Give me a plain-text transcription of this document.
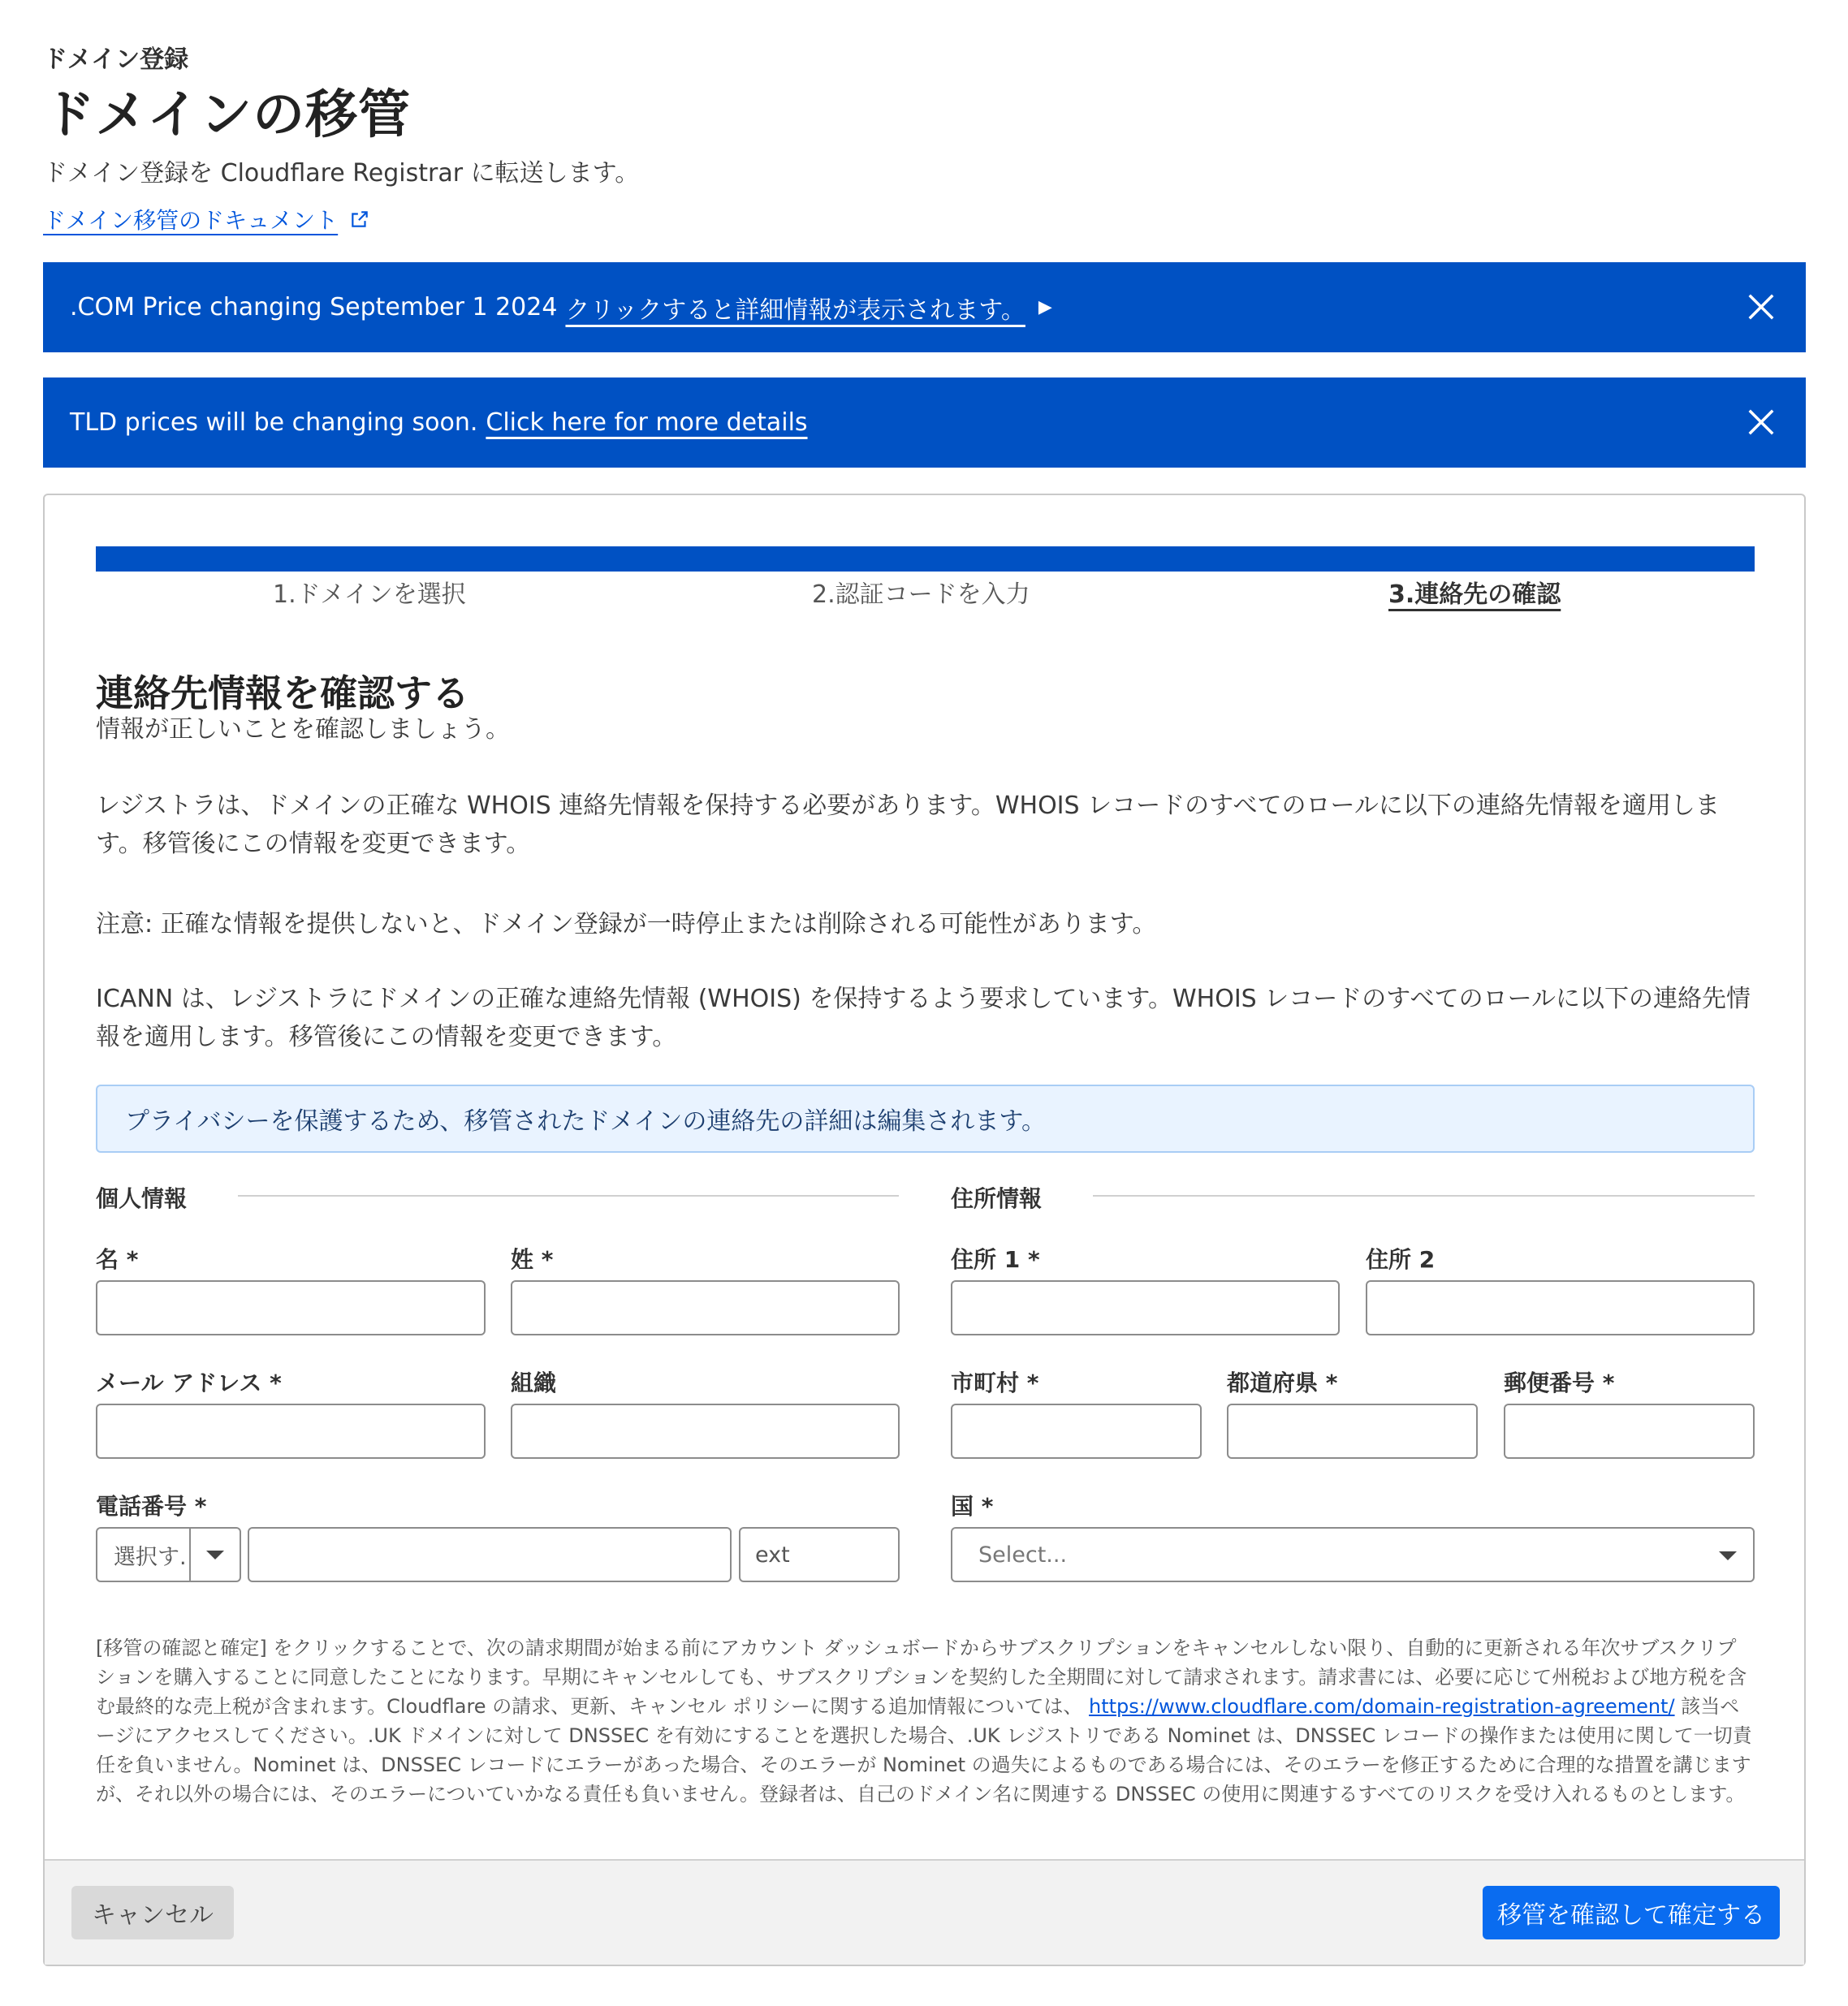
ドメイン登録
ドメインの移管
ドメイン登録を Cloudflare Registrar に転送します。
ドメイン移管のドキュメント
.COM Price changing September 1 2024 クリックすると詳細情報が表示されます。 ▶
TLD prices will be changing soon. Click here for more details
1.ドメインを選択	2.認証コードを入力	3.連絡先の確認
連絡先情報を確認する
情報が正しいことを確認しましょう。
レジストラは、ドメインの正確な WHOIS 連絡先情報を保持する必要があります。WHOIS レコードのすべてのロールに以下の連絡先情報を適用します。移管後にこの情報を変更できます。
注意: 正確な情報を提供しないと、ドメイン登録が一時停止または削除される可能性があります。
ICANN は、レジストラにドメインの正確な連絡先情報 (WHOIS) を保持するよう要求しています。WHOIS レコードのすべてのロールに以下の連絡先情報を適用します。移管後にこの情報を変更できます。
プライバシーを保護するため、移管されたドメインの連絡先の詳細は編集されます。
個人情報	住所情報
名 *	姓 *	住所 1 *	住所 2
メール アドレス *	組織	市町村 *	都道府県 *	郵便番号 *
電話番号 *
選択す.	ext
国 *
Select...
[移管の確認と確定] をクリックすることで、次の請求期間が始まる前にアカウント ダッシュボードからサブスクリプションをキャンセルしない限り、自動的に更新される年次サブスクリプションを購入することに同意したことになります。早期にキャンセルしても、サブスクリプションを契約した全期間に対して請求されます。請求書には、必要に応じて州税および地方税を含む最終的な売上税が含まれます。Cloudflare の請求、更新、キャンセル ポリシーに関する追加情報については、 https://www.cloudflare.com/domain-registration-agreement/ 該当ページにアクセスしてください。.UK ドメインに対して DNSSEC を有効にすることを選択した場合、.UK レジストリである Nominet は、DNSSEC レコードの操作または使用に関して一切責任を負いません。Nominet は、DNSSEC レコードにエラーがあった場合、そのエラーが Nominet の過失によるものである場合には、そのエラーを修正するために合理的な措置を講じますが、それ以外の場合には、そのエラーについていかなる責任も負いません。登録者は、自己のドメイン名に関連する DNSSEC の使用に関連するすべてのリスクを受け入れるものとします。
キャンセル	移管を確認して確定する
